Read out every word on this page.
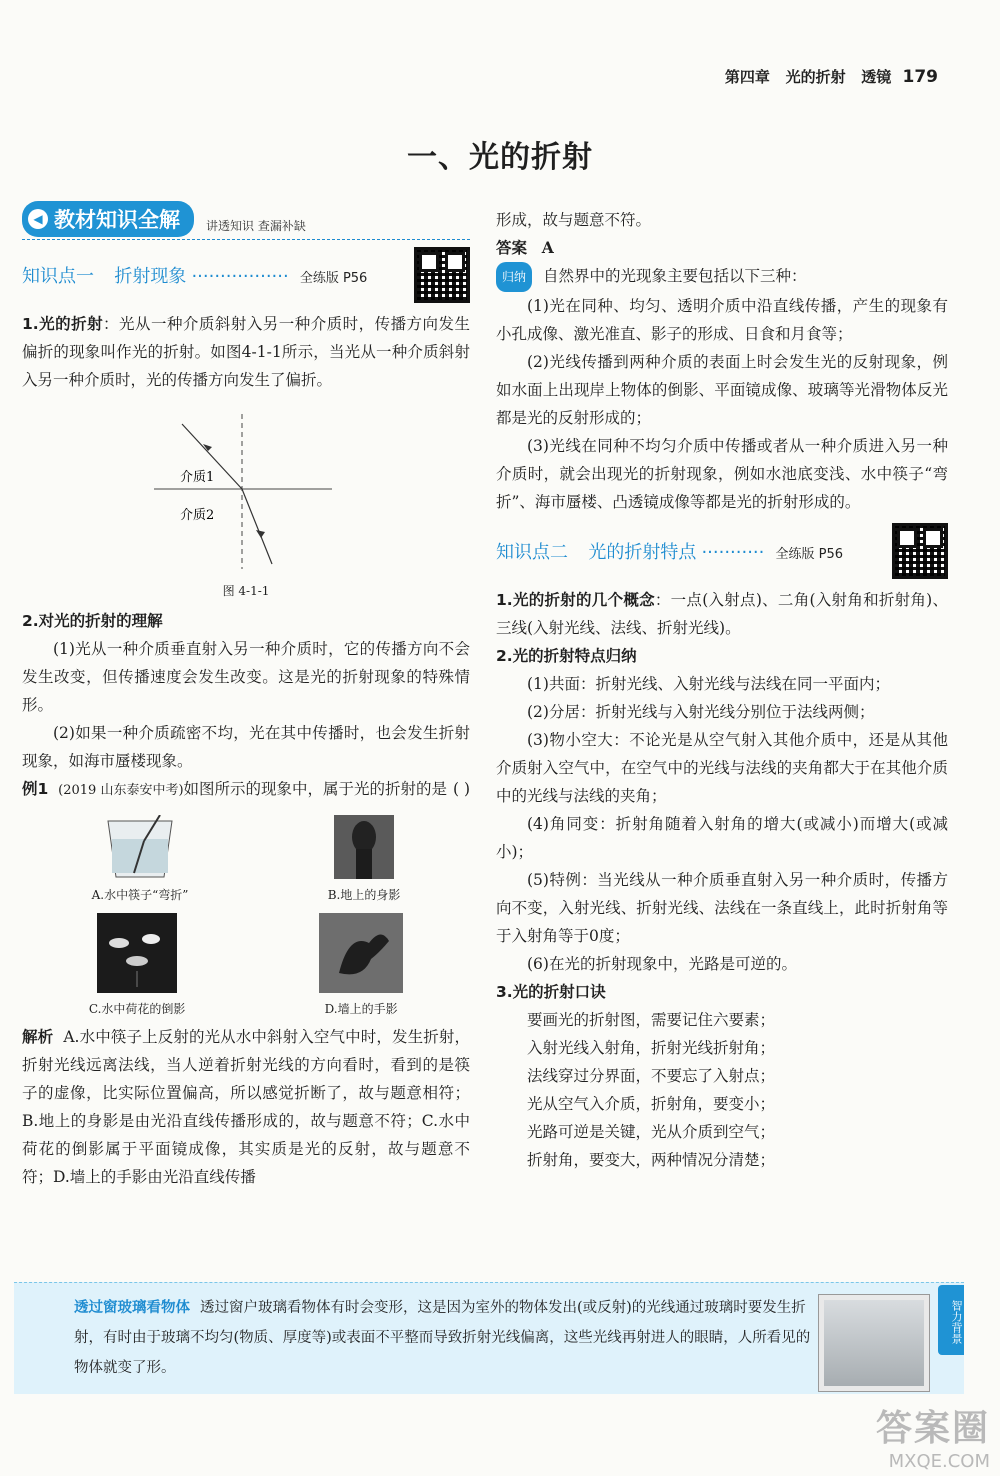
第四章 光的折射 透镜 179
一、光的折射
◀ 教材知识全解 讲透知识 查漏补缺
知识点一 折射现象 ················· 全练版 P56

1.光的折射：光从一种介质斜射入另一种介质时，传播方向发生偏折的现象叫作光的折射。如图4-1-1所示，当光从一种介质斜射入另一种介质时，光的传播方向发生了偏折。

介质1
介质2
图 4-1-1

2.对光的折射的理解

(1)光从一种介质垂直射入另一种介质时，它的传播方向不会发生改变，但传播速度会发生改变。这是光的折射现象的特殊情形。

(2)如果一种介质疏密不均，光在其中传播时，也会发生折射现象，如海市蜃楼现象。

例1 (2019 山东泰安中考)如图所示的现象中，属于光的折射的是 ( )

A.水中筷子“弯折”	B.地上的身影
C.水中荷花的倒影	D.墙上的手影

解析 A.水中筷子上反射的光从水中斜射入空气中时，发生折射，折射光线远离法线，当人逆着折射光线的方向看时，看到的是筷子的虚像，比实际位置偏高，所以感觉折断了，故与题意相符；B.地上的身影是由光沿直线传播形成的，故与题意不符；C.水中荷花的倒影属于平面镜成像，其实质是光的反射，故与题意不符；D.墙上的手影由光沿直线传播

形成，故与题意不符。

答案 A

归纳 自然界中的光现象主要包括以下三种：

(1)光在同种、均匀、透明介质中沿直线传播，产生的现象有小孔成像、激光准直、影子的形成、日食和月食等；

(2)光线传播到两种介质的表面上时会发生光的反射现象，例如水面上出现岸上物体的倒影、平面镜成像、玻璃等光滑物体反光都是光的反射形成的；

(3)光线在同种不均匀介质中传播或者从一种介质进入另一种介质时，就会出现光的折射现象，例如水池底变浅、水中筷子“弯折”、海市蜃楼、凸透镜成像等都是光的折射形成的。

知识点二 光的折射特点 ··········· 全练版 P56

1.光的折射的几个概念：一点(入射点)、二角(入射角和折射角)、三线(入射光线、法线、折射光线)。

2.光的折射特点归纳

(1)共面：折射光线、入射光线与法线在同一平面内；

(2)分居：折射光线与入射光线分别位于法线两侧；

(3)物小空大：不论光是从空气射入其他介质中，还是从其他介质射入空气中，在空气中的光线与法线的夹角都大于在其他介质中的光线与法线的夹角；

(4)角同变：折射角随着入射角的增大(或减小)而增大(或减小)；

(5)特例：当光线从一种介质垂直射入另一种介质时，传播方向不变，入射光线、折射光线、法线在一条直线上，此时折射角等于入射角等于0度；

(6)在光的折射现象中，光路是可逆的。

3.光的折射口诀

要画光的折射图，需要记住六要素；

入射光线入射角，折射光线折射角；

法线穿过分界面，不要忘了入射点；

光从空气入介质，折射角，要变小；

光路可逆是关键，光从介质到空气；

折射角，要变大，两种情况分清楚；

透过窗玻璃看物体 透过窗户玻璃看物体有时会变形，这是因为室外的物体发出(或反射)的光线通过玻璃时要发生折射，有时由于玻璃不均匀(物质、厚度等)或表面不平整而导致折射光线偏离，这些光线再射进人的眼睛，人所看见的物体就变了形。
智力背景
答案圈
MXQE.COM
